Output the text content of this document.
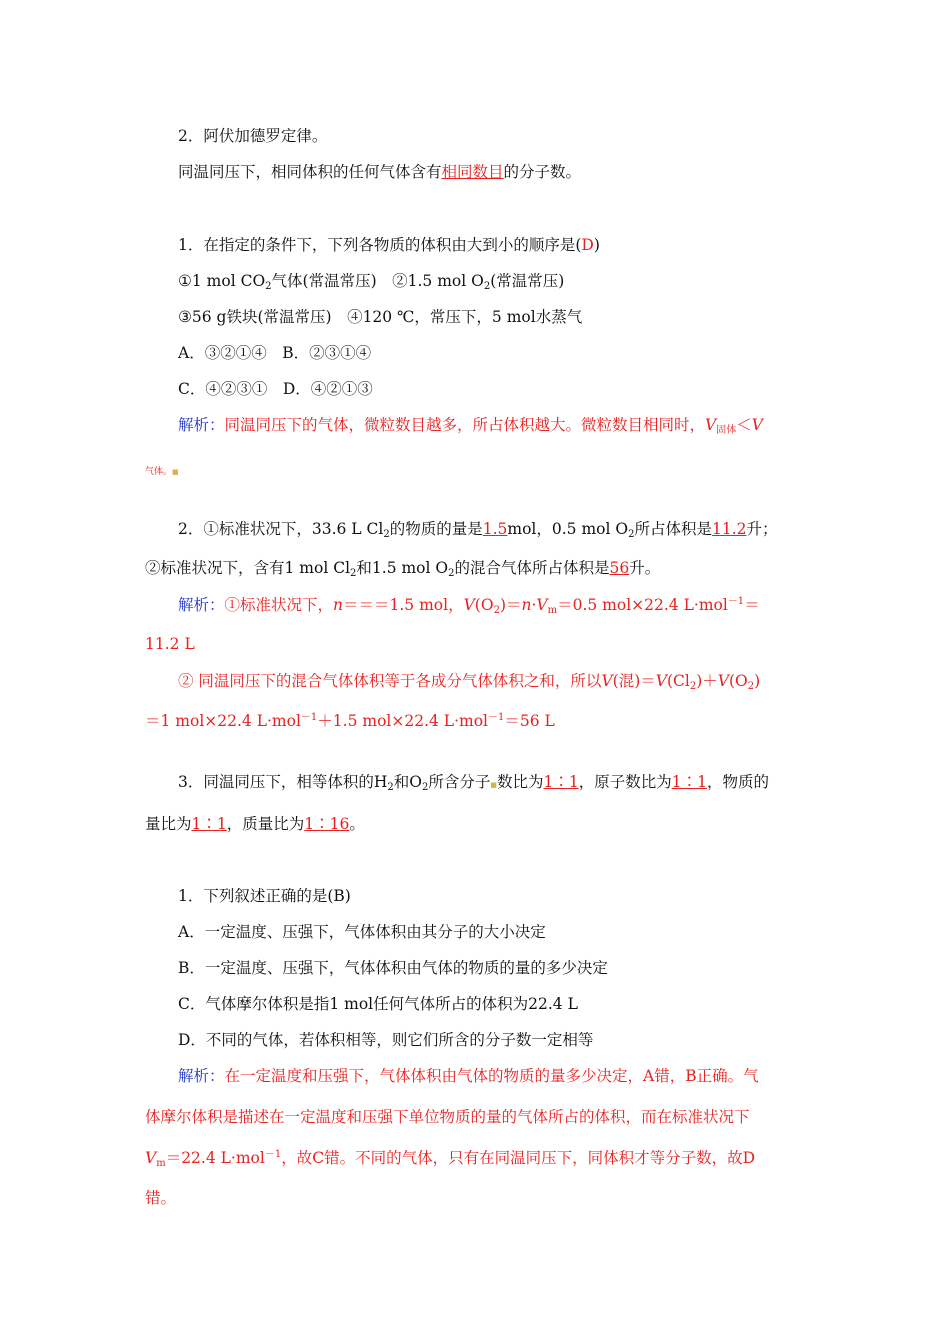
2．阿伏加德罗定律。
同温同压下，相同体积的任何气体含有相同数目的分子数。
1．在指定的条件下，下列各物质的体积由大到小的顺序是(D)
①1 mol $CO_2$气体(常温常压)　②1.5 mol $O_2$(常温常压)
③56 g铁块(常温常压)　④120 ℃，常压下，5 mol水蒸气
A．③②①④　B．②③①④
C．④②③①　D．④②①③
解析：同温同压下的气体，微粒数目越多，所占体积越大。微粒数目相同时，$V_{固体}<V$
气体。■
2．①标准状况下，33.6 L $Cl_2$的物质的量是1.5mol，0.5 mol $O_2$所占体积是11.2升；
②标准状况下，含有1 mol $Cl_2$和1.5 mol $O_2$的混合气体所占体积是56升。
解析：①标准状况下，n＝＝＝1.5 mol，$V(O_2)=n\cdot V_m=0.5$ mol×22.4 L·mol$^{-1}$＝
11.2 L
② 同温同压下的混合气体体积等于各成分气体体积之和，所以V(混)$=V(Cl_2)+V(O_2)$
＝1 mol×22.4 L·mol$^{-1}$＋1.5 mol×22.4 L·mol$^{-1}$＝56 L
3．同温同压下，相等体积的$H_2$和$O_2$所含分子■数比为1∶1，原子数比为1∶1，物质的
量比为1∶1，质量比为1∶16。
1．下列叙述正确的是(B)
A．一定温度、压强下，气体体积由其分子的大小决定
B．一定温度、压强下，气体体积由气体的物质的量的多少决定
C．气体摩尔体积是指1 mol任何气体所占的体积为22.4 L
D．不同的气体，若体积相等，则它们所含的分子数一定相等
解析：在一定温度和压强下，气体体积由气体的物质的量多少决定，A错，B正确。气
体摩尔体积是描述在一定温度和压强下单位物质的量的气体所占的体积，而在标准状况下
$V_m=22.4$ L·mol$^{-1}$，故C错。不同的气体，只有在同温同压下，同体积才等分子数，故D
错。
